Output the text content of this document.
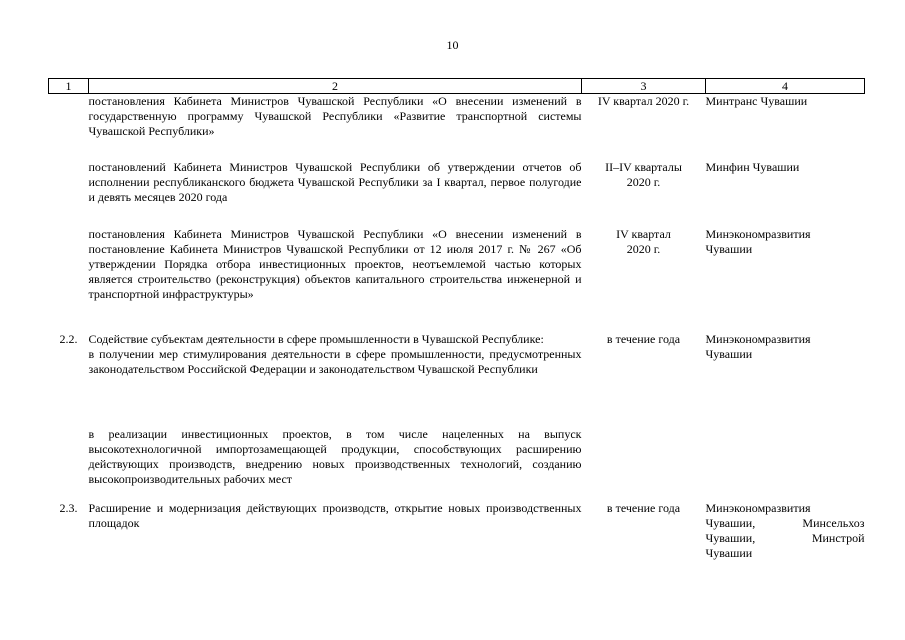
10
1	2	3	4

	постановления Кабинета Министров Чувашской Республики «О внесении изменений в государственную программу Чувашской Республики «Развитие транспортной системы Чувашской Республики»	IV квартал 2020 г.	Минтранс Чувашии

	постановлений Кабинета Министров Чувашской Республики об утверждении отчетов об исполнении республиканского бюджета Чувашской Республики за I квартал, первое полугодие и девять месяцев 2020 года	II–IV кварталы 2020 г.	Минфин Чувашии

	постановления Кабинета Министров Чувашской Республики «О внесении изменений в постановление Кабинета Министров Чувашской Республики от 12 июля 2017 г. № 267 «Об утверждении Порядка отбора инвестиционных проектов, неотъемлемой частью которых является строительство (реконструкция) объектов капитального строительства инженерной и транспортной инфраструктуры»	IV квартал 2020 г.	Минэкономразвития Чувашии

2.2.	Содействие субъектам деятельности в сфере промышленности в Чувашской Республике:
в получении мер стимулирования деятельности в сфере промышленности, предусмотренных законодательством Российской Федерации и законодательством Чувашской Республики	в течение года	Минэкономразвития Чувашии

	в реализации инвестиционных проектов, в том числе нацеленных на выпуск высокотехнологичной импортозамещающей продукции, способствующих расширению действующих производств, внедрению новых производственных технологий, созданию высокопроизводительных рабочих мест		

2.3.	Расширение и модернизация действующих производств, открытие новых производственных площадок	в течение года	Минэкономразвития
Чувашии, Минсельхоз
Чувашии, Минстрой
Чувашии
